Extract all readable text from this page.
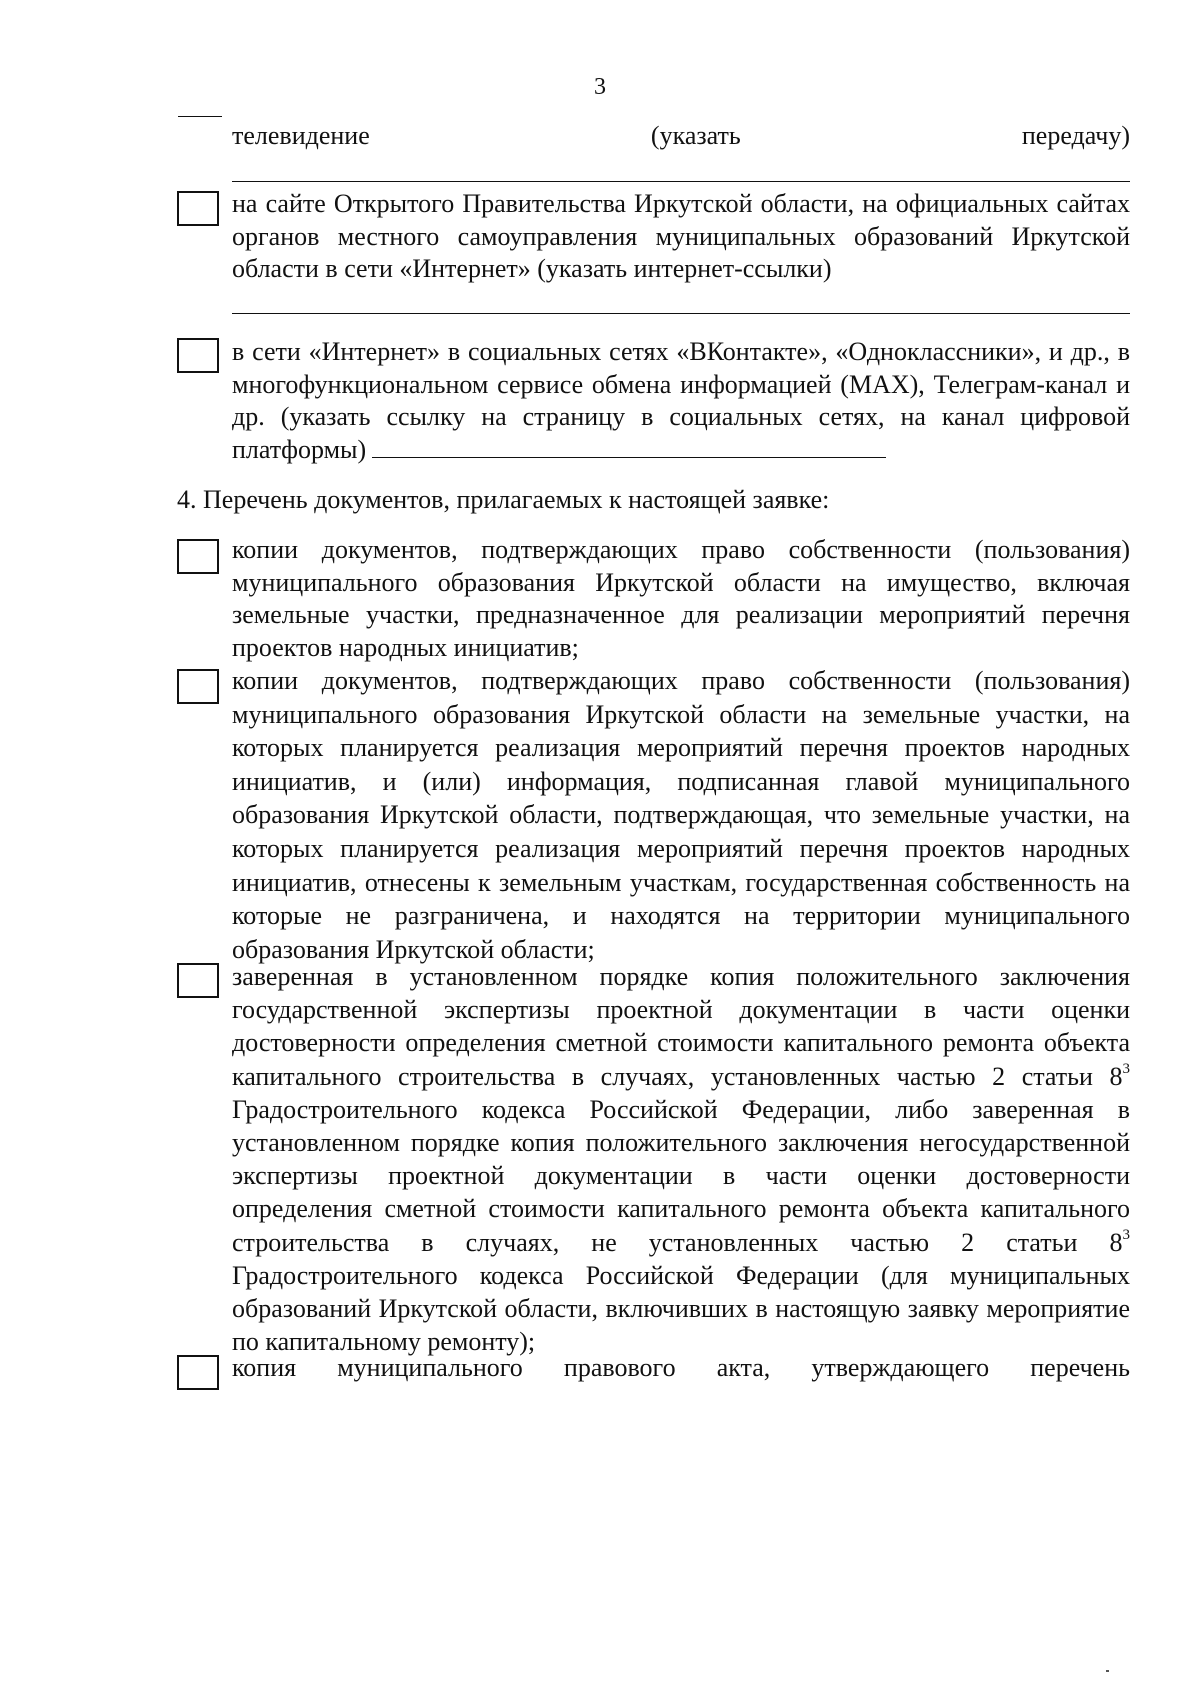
3
телевидение	(указать	передачу)
на сайте Открытого Правительства Иркутской области, на официальных сайтах органов местного самоуправления муниципальных образований Иркутской области в сети «Интернет» (указать интернет-ссылки)
в сети «Интернет» в социальных сетях «ВКонтакте», «Одноклассники», и др., в многофункциональном сервисе обмена информацией (MAX), Телеграм-канал и др. (указать ссылку на страницу в социальных сетях, на канал цифровой платформы)
4. Перечень документов, прилагаемых к настоящей заявке:
копии документов, подтверждающих право собственности (пользования) муниципального образования Иркутской области на имущество, включая земельные участки, предназначенное для реализации мероприятий перечня проектов народных инициатив;
копии документов, подтверждающих право собственности (пользования) муниципального образования Иркутской области на земельные участки, на которых планируется реализация мероприятий перечня проектов народных инициатив, и (или) информация, подписанная главой муниципального образования Иркутской области, подтверждающая, что земельные участки, на которых планируется реализация мероприятий перечня проектов народных инициатив, отнесены к земельным участкам, государственная собственность на которые не разграничена, и находятся на территории муниципального образования Иркутской области;
заверенная в установленном порядке копия положительного заключения государственной экспертизы проектной документации в части оценки достоверности определения сметной стоимости капитального ремонта объекта капитального строительства в случаях, установленных частью 2 статьи $8^3$ Градостроительного кодекса Российской Федерации, либо заверенная в установленном порядке копия положительного заключения негосударственной экспертизы проектной документации в части оценки достоверности определения сметной стоимости капитального ремонта объекта капитального строительства в случаях, не установленных частью 2 статьи $8^3$ Градостроительного кодекса Российской Федерации (для муниципальных образований Иркутской области, включивших в настоящую заявку мероприятие по капитальному ремонту);
копия муниципального правового акта, утверждающего перечень
